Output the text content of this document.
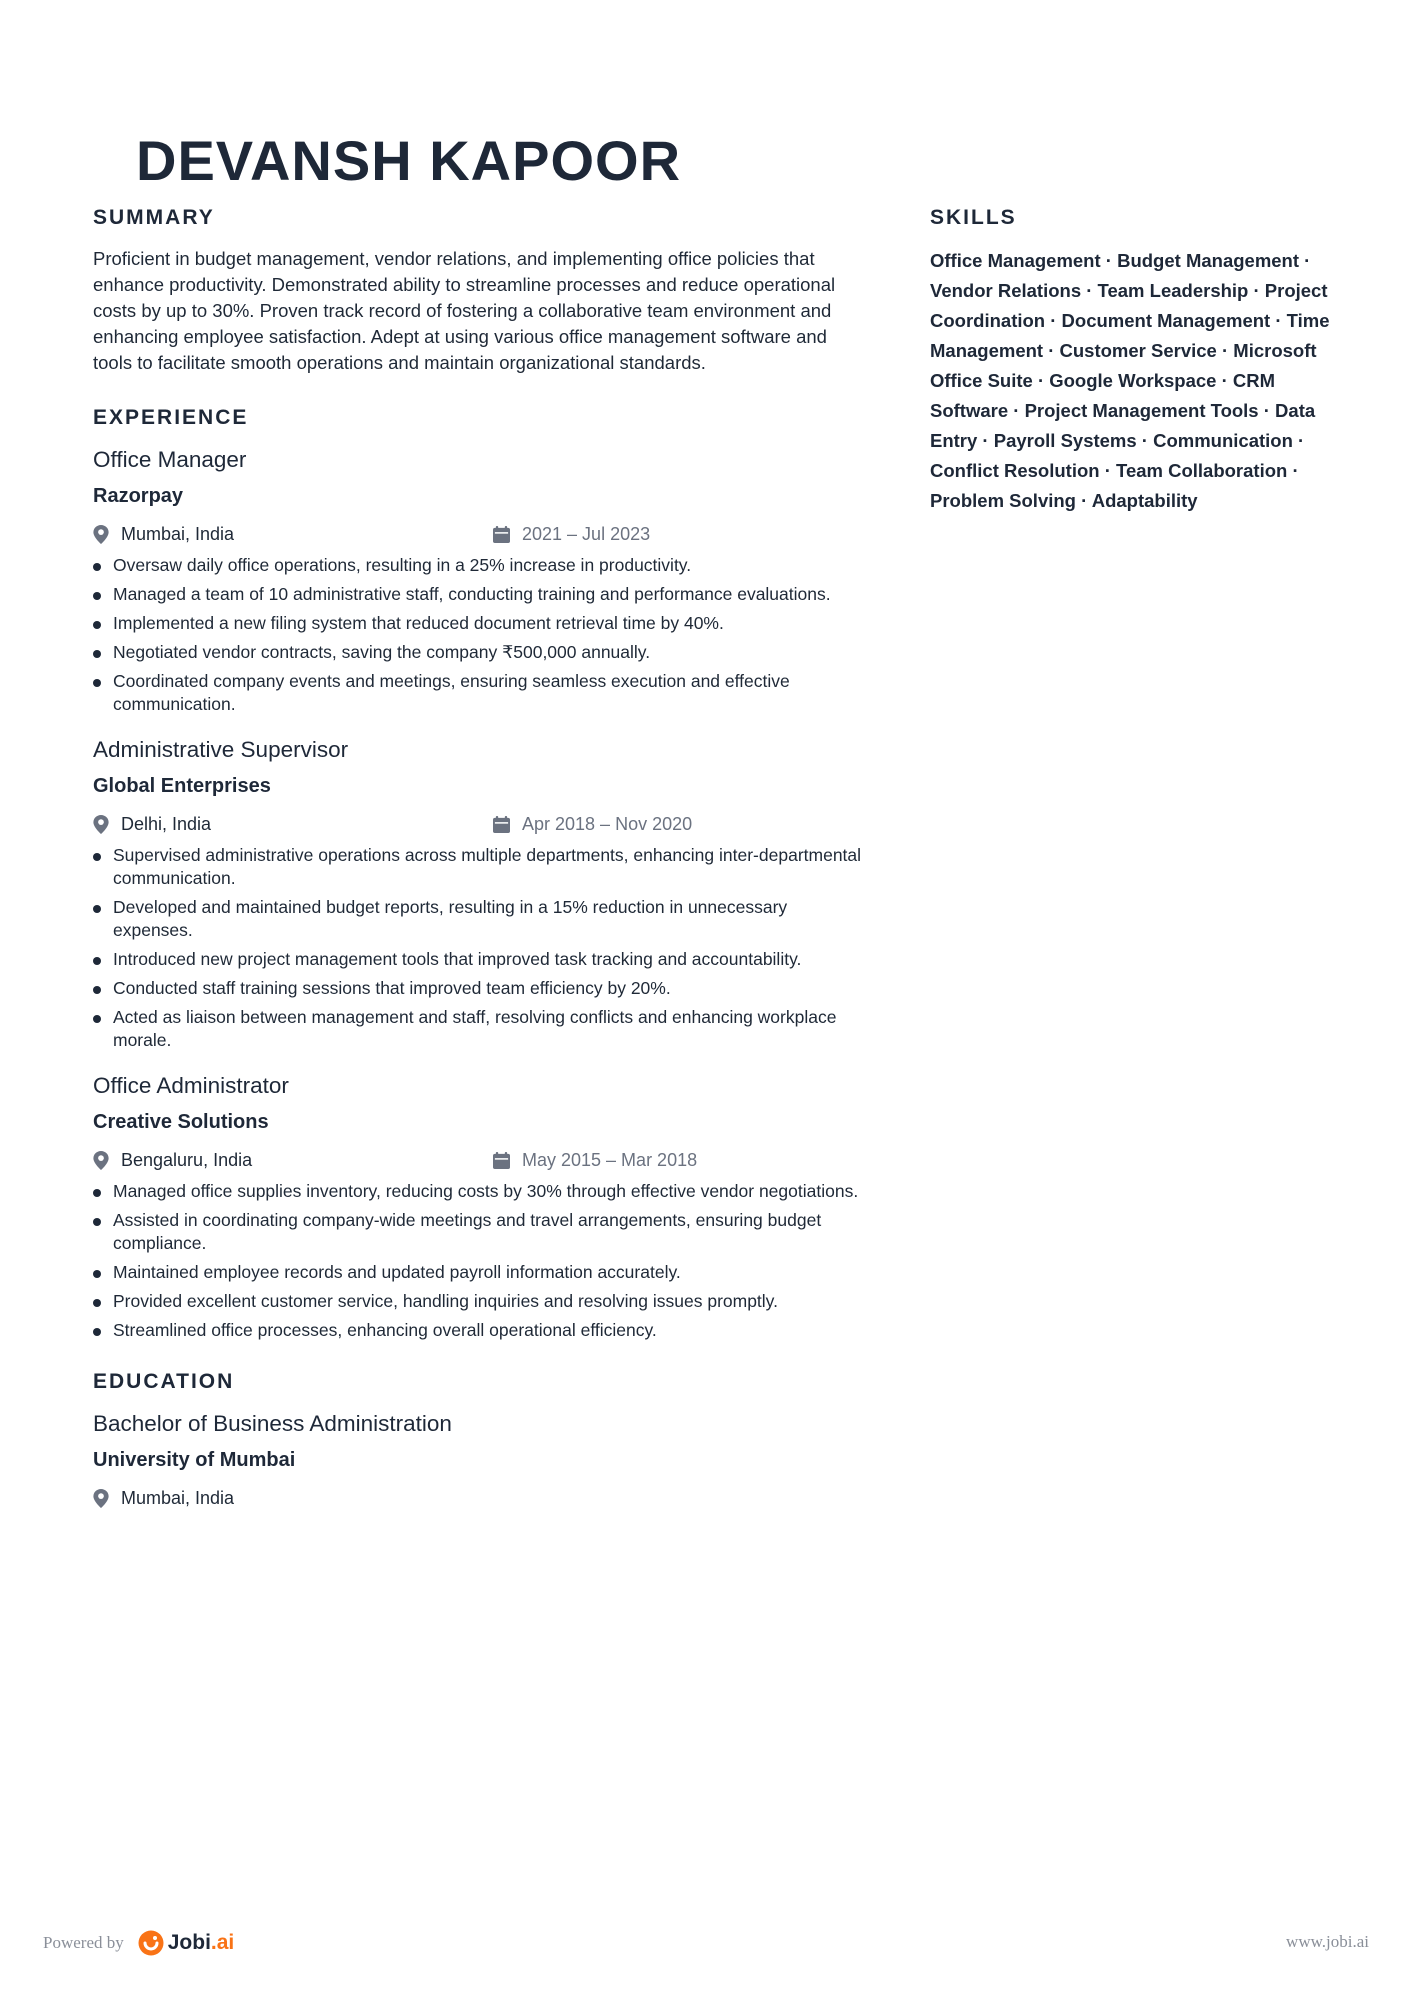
DEVANSH KAPOOR
SUMMARY

Proficient in budget management, vendor relations, and implementing office policies that enhance productivity. Demonstrated ability to streamline processes and reduce operational costs by up to 30%. Proven track record of fostering a collaborative team environment and enhancing employee satisfaction. Adept at using various office management software and tools to facilitate smooth operations and maintain organizational standards.

EXPERIENCE
Office Manager
Razorpay
Mumbai, India	2021 – Jul 2023
Oversaw daily office operations, resulting in a 25% increase in productivity.
Managed a team of 10 administrative staff, conducting training and performance evaluations.
Implemented a new filing system that reduced document retrieval time by 40%.
Negotiated vendor contracts, saving the company ₹500,000 annually.
Coordinated company events and meetings, ensuring seamless execution and effective communication.
Administrative Supervisor
Global Enterprises
Delhi, India	Apr 2018 – Nov 2020
Supervised administrative operations across multiple departments, enhancing inter-departmental communication.
Developed and maintained budget reports, resulting in a 15% reduction in unnecessary expenses.
Introduced new project management tools that improved task tracking and accountability.
Conducted staff training sessions that improved team efficiency by 20%.
Acted as liaison between management and staff, resolving conflicts and enhancing workplace morale.
Office Administrator
Creative Solutions
Bengaluru, India	May 2015 – Mar 2018
Managed office supplies inventory, reducing costs by 30% through effective vendor negotiations.
Assisted in coordinating company-wide meetings and travel arrangements, ensuring budget compliance.
Maintained employee records and updated payroll information accurately.
Provided excellent customer service, handling inquiries and resolving issues promptly.
Streamlined office processes, enhancing overall operational efficiency.
EDUCATION
Bachelor of Business Administration
University of Mumbai
Mumbai, India
SKILLS

Office Management · Budget Management · Vendor Relations · Team Leadership · Project Coordination · Document Management · Time Management · Customer Service · Microsoft Office Suite · Google Workspace · CRM Software · Project Management Tools · Data Entry · Payroll Systems · Communication · Conflict Resolution · Team Collaboration · Problem Solving · Adaptability

Powered by Jobi.ai	www.jobi.ai
